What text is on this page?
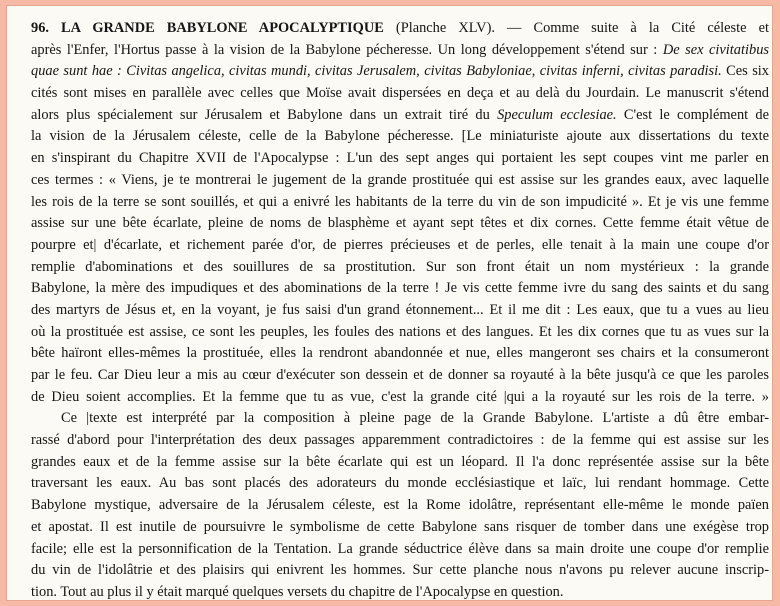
96. LA GRANDE BABYLONE APOCALYPTIQUE (Planche XLV). — Comme suite à la Cité céleste et
après l'Enfer, l'Hortus passe à la vision de la Babylone pécheresse. Un long développement s'étend sur : De sex civitatibus
quae sunt hae : Civitas angelica, civitas mundi, civitas Jerusalem, civitas Babyloniae, civitas inferni, civitas paradisi. Ces six
cités sont mises en parallèle avec celles que Moïse avait dispersées en deça et au delà du Jourdain. Le manuscrit s'étend
alors plus spécialement sur Jérusalem et Babylone dans un extrait tiré du Speculum ecclesiae. C'est le complément de
la vision de la Jérusalem céleste, celle de la Babylone pécheresse. [Le miniaturiste ajoute aux dissertations du texte
en s'inspirant du Chapitre XVII de l'Apocalypse : L'un des sept anges qui portaient les sept coupes vint me parler en
ces termes : « Viens, je te montrerai le jugement de la grande prostituée qui est assise sur les grandes eaux, avec laquelle
les rois de la terre se sont souillés, et qui a enivré les habitants de la terre du vin de son impudicité ». Et je vis une femme
assise sur une bête écarlate, pleine de noms de blasphème et ayant sept têtes et dix cornes. Cette femme était vêtue de
pourpre et| d'écarlate, et richement parée d'or, de pierres précieuses et de perles, elle tenait à la main une coupe d'or
remplie d'abominations et des souillures de sa prostitution. Sur son front était un nom mystérieux : la grande
Babylone, la mère des impudiques et des abominations de la terre ! Je vis cette femme ivre du sang des saints et du sang
des martyrs de Jésus et, en la voyant, je fus saisi d'un grand étonnement... Et il me dit : Les eaux, que tu a vues au lieu
où la prostituée est assise, ce sont les peuples, les foules des nations et des langues. Et les dix cornes que tu as vues sur la
bête haïront elles-mêmes la prostituée, elles la rendront abandonnée et nue, elles mangeront ses chairs et la consumeront
par le feu. Car Dieu leur a mis au cœur d'exécuter son dessein et de donner sa royauté à la bête jusqu'à ce que les paroles
de Dieu soient accomplies. Et la femme que tu as vue, c'est la grande cité |qui a la royauté sur les rois de la terre. »
Ce |texte est interprété par la composition à pleine page de la Grande Babylone. L'artiste a dû être embar-
rassé d'abord pour l'interprétation des deux passages apparemment contradictoires : de la femme qui est assise sur les
grandes eaux et de la femme assise sur la bête écarlate qui est un léopard. Il l'a donc représentée assise sur la bête
traversant les eaux. Au bas sont placés des adorateurs du monde ecclésiastique et laïc, lui rendant hommage. Cette
Babylone mystique, adversaire de la Jérusalem céleste, est la Rome idolâtre, représentant elle-même le monde païen
et apostat. Il est inutile de poursuivre le symbolisme de cette Babylone sans risquer de tomber dans une exégèse trop
facile; elle est la personnification de la Tentation. La grande séductrice élève dans sa main droite une coupe d'or remplie
du vin de l'idolâtrie et des plaisirs qui enivrent les hommes. Sur cette planche nous n'avons pu relever aucune inscrip-
tion. Tout au plus il y était marqué quelques versets du chapitre de l'Apocalypse en question.
